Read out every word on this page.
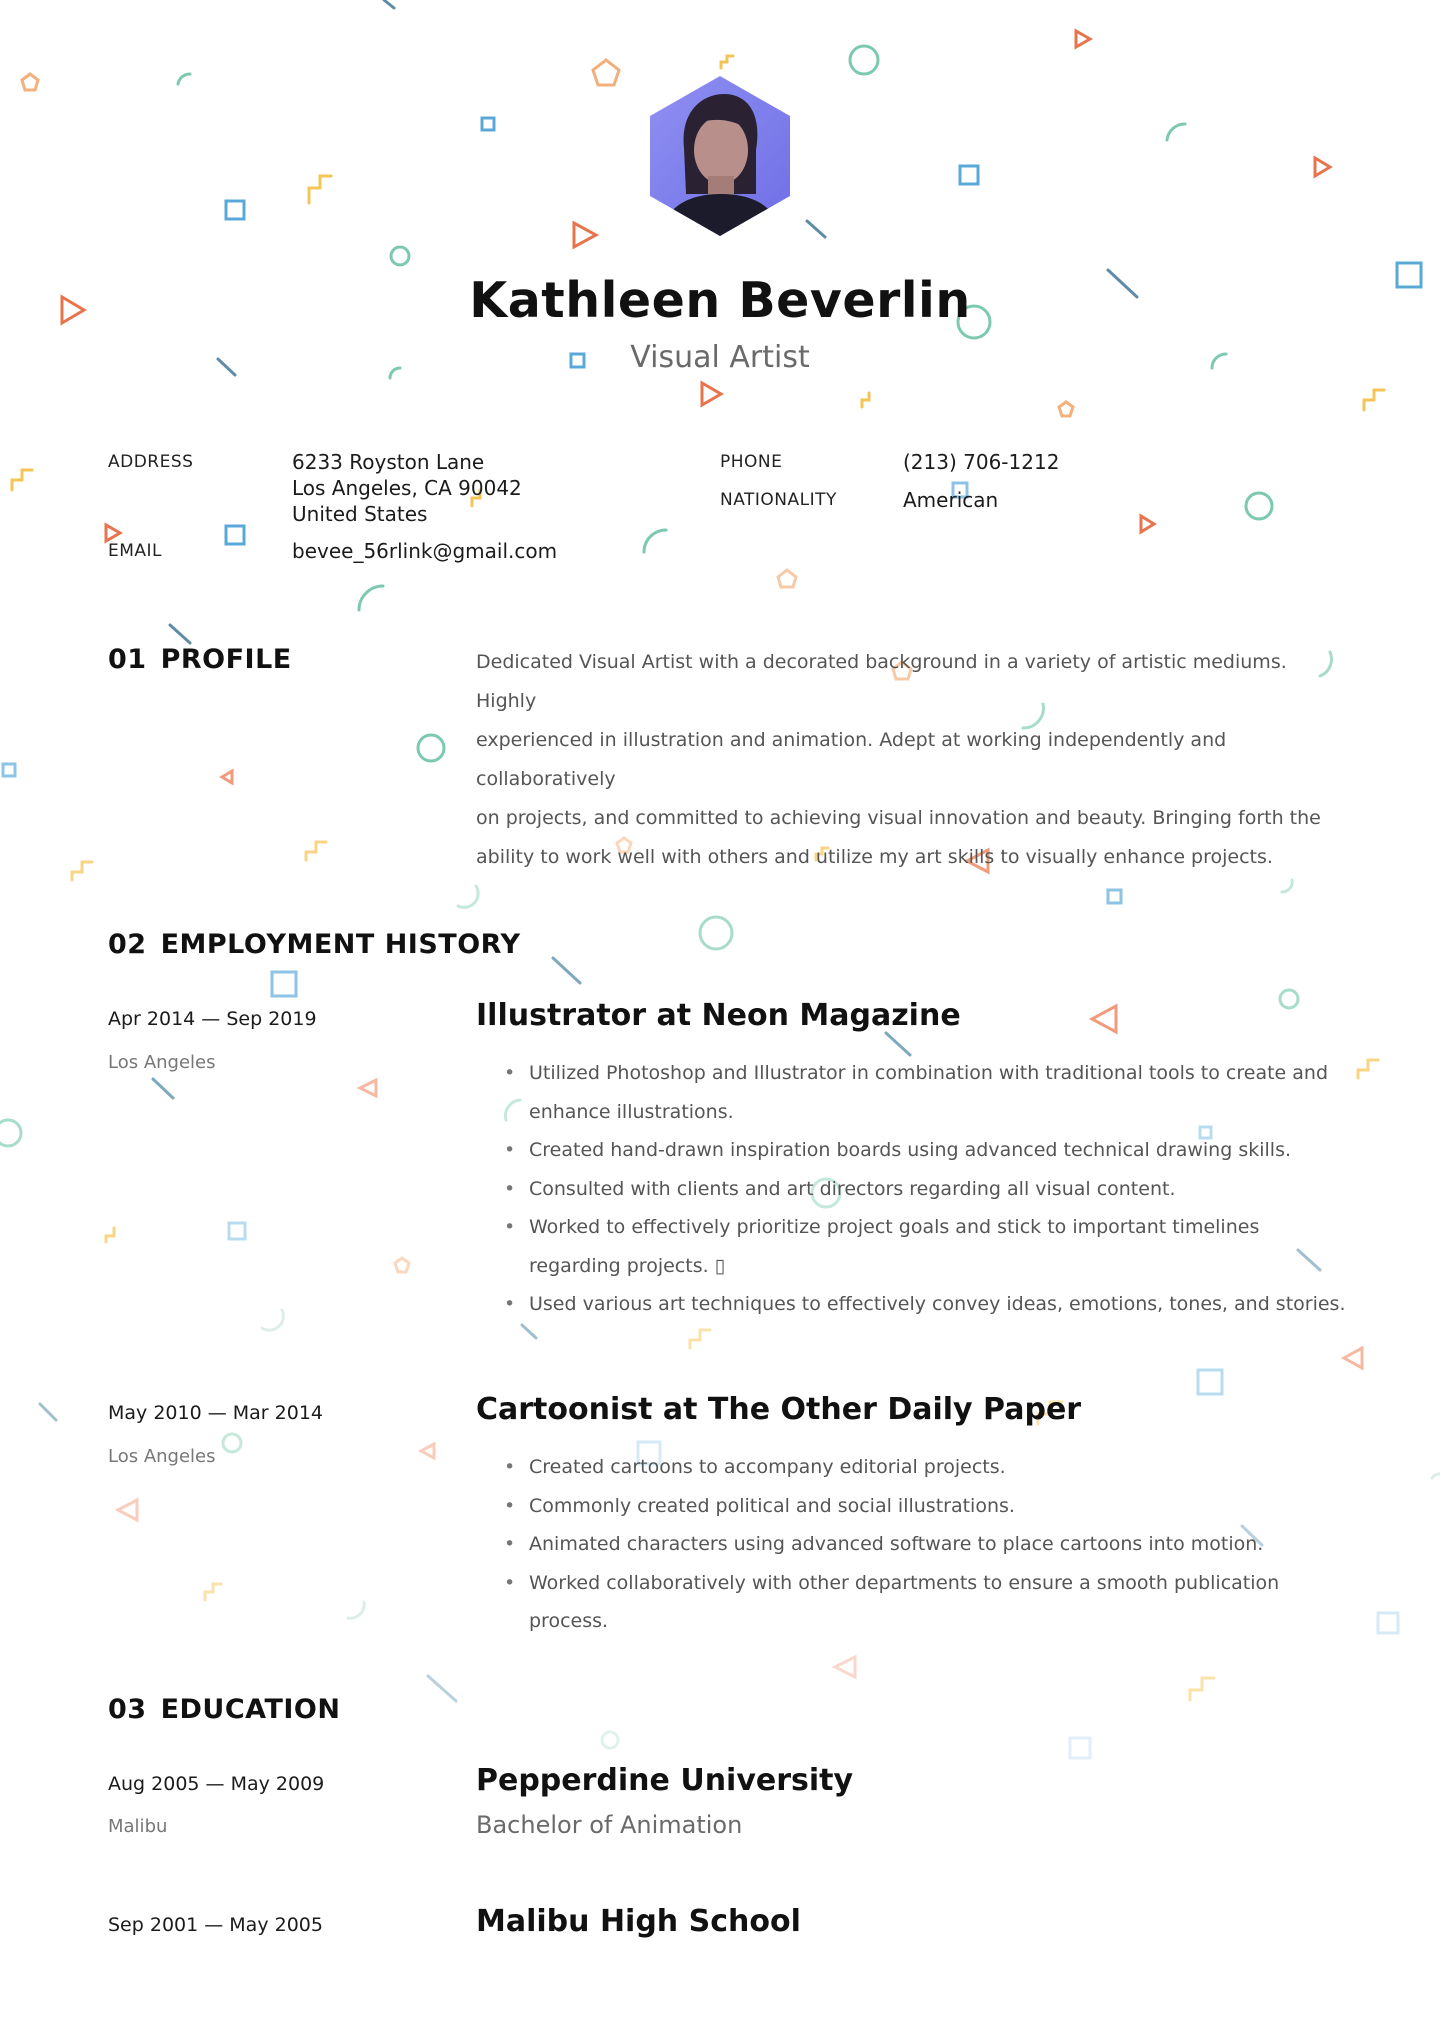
Kathleen Beverlin
Visual Artist
ADDRESS	6233 Royston Lane
Los Angeles, CA 90042
United States
EMAIL	bevee_56rlink@gmail.com
PHONE	(213) 706-1212
NATIONALITY	American
01 PROFILE	Dedicated Visual Artist with a decorated background in a variety of artistic mediums. Highly
experienced in illustration and animation. Adept at working independently and collaboratively
on projects, and committed to achieving visual innovation and beauty. Bringing forth the
ability to work well with others and utilize my art skills to visually enhance projects.
02 EMPLOYMENT HISTORY
Apr 2014 — Sep 2019
Los Angeles
Illustrator at Neon Magazine
• Utilized Photoshop and Illustrator in combination with traditional tools to create and enhance illustrations.
• Created hand-drawn inspiration boards using advanced technical drawing skills.
• Consulted with clients and art directors regarding all visual content.
• Worked to effectively prioritize project goals and stick to important timelines regarding projects. ▯
• Used various art techniques to effectively convey ideas, emotions, tones, and stories.
May 2010 — Mar 2014
Los Angeles
Cartoonist at The Other Daily Paper
• Created cartoons to accompany editorial projects.
• Commonly created political and social illustrations.
• Animated characters using advanced software to place cartoons into motion.
• Worked collaboratively with other departments to ensure a smooth publication process.
03 EDUCATION
Aug 2005 — May 2009
Malibu
Pepperdine University
Bachelor of Animation
Sep 2001 — May 2005	Malibu High School
